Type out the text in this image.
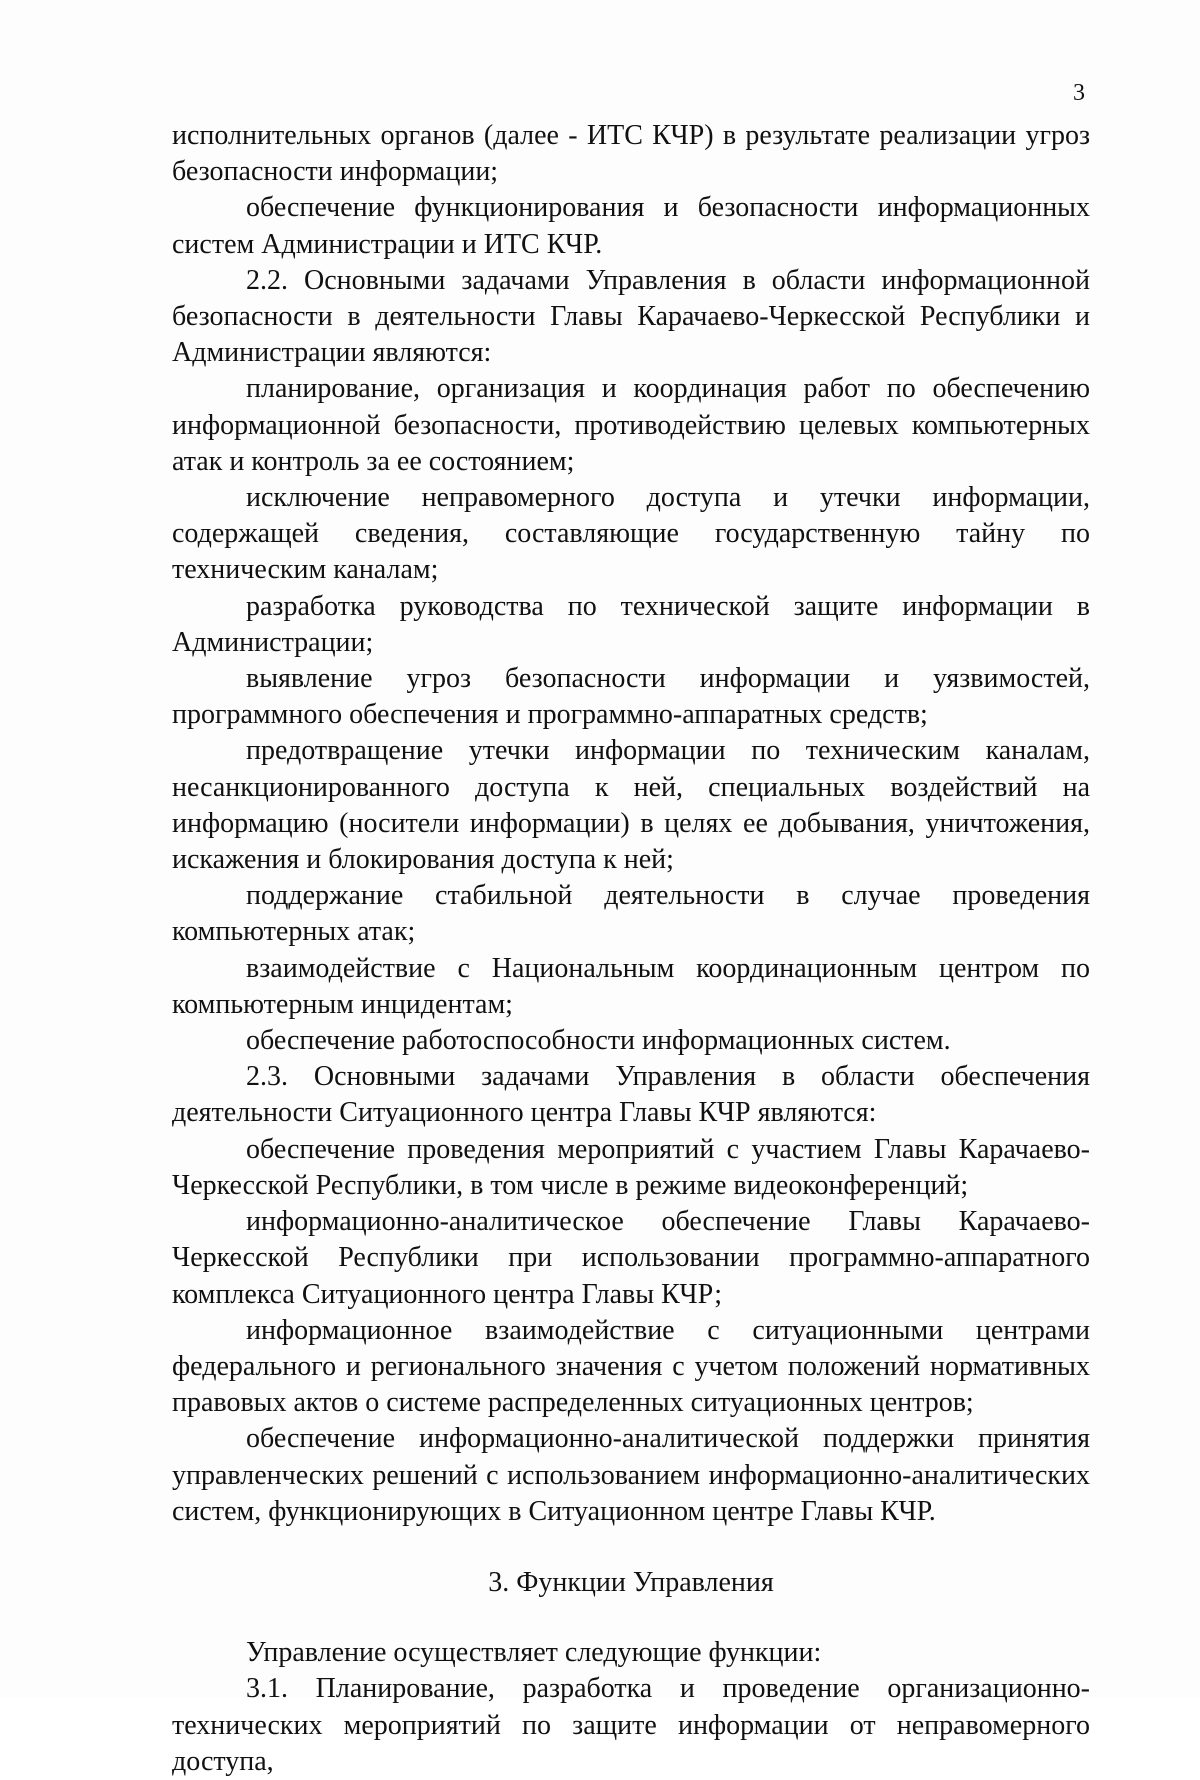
3

исполнительных органов (далее - ИТС КЧР) в результате реализации угроз безопасности информации;

обеспечение функционирования и безопасности информационных систем Администрации и ИТС КЧР.

2.2. Основными задачами Управления в области информационной безопасности в деятельности Главы Карачаево-Черкесской Республики и Администрации являются:

планирование, организация и координация работ по обеспечению информационной безопасности, противодействию целевых компьютерных атак и контроль за ее состоянием;

исключение неправомерного доступа и утечки информации, содержащей сведения, составляющие государственную тайну по техническим каналам;

разработка руководства по технической защите информации в Администрации;

выявление угроз безопасности информации и уязвимостей, программного обеспечения и программно-аппаратных средств;

предотвращение утечки информации по техническим каналам, несанкционированного доступа к ней, специальных воздействий на информацию (носители информации) в целях ее добывания, уничтожения, искажения и блокирования доступа к ней;

поддержание стабильной деятельности в случае проведения компьютерных атак;

взаимодействие с Национальным координационным центром по компьютерным инцидентам;

обеспечение работоспособности информационных систем.

2.3. Основными задачами Управления в области обеспечения деятельности Ситуационного центра Главы КЧР являются:

обеспечение проведения мероприятий с участием Главы Карачаево-Черкесской Республики, в том числе в режиме видеоконференций;

информационно-аналитическое обеспечение Главы Карачаево-Черкесской Республики при использовании программно-аппаратного комплекса Ситуационного центра Главы КЧР;

информационное взаимодействие с ситуационными центрами федерального и регионального значения с учетом положений нормативных правовых актов о системе распределенных ситуационных центров;

обеспечение информационно-аналитической поддержки принятия управленческих решений с использованием информационно-аналитических систем, функционирующих в Ситуационном центре Главы КЧР.

3. Функции Управления

Управление осуществляет следующие функции:

3.1. Планирование, разработка и проведение организационно-технических мероприятий по защите информации от неправомерного доступа,
